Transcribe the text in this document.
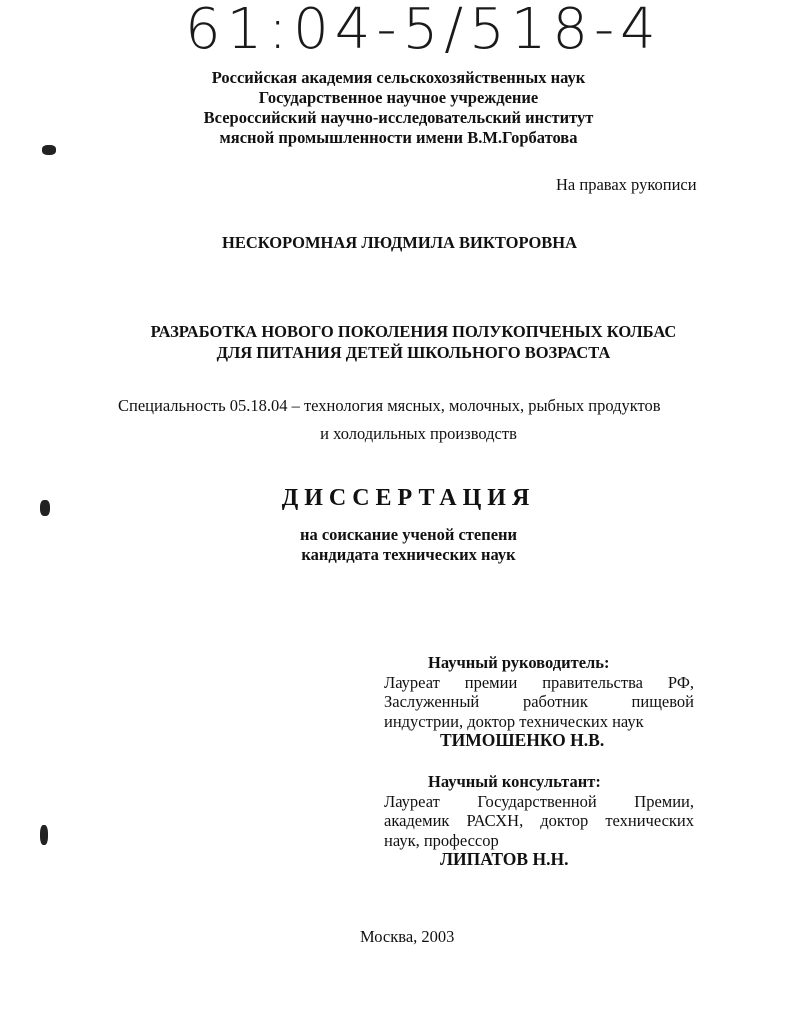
61:04-5/518-4
Российская академия сельскохозяйственных наук
Государственное научное учреждение
Всероссийский научно-исследовательский институт
мясной промышленности имени В.М.Горбатова
На правах рукописи
НЕСКОРОМНАЯ ЛЮДМИЛА ВИКТОРОВНА
РАЗРАБОТКА НОВОГО ПОКОЛЕНИЯ ПОЛУКОПЧЕНЫХ КОЛБАС
ДЛЯ ПИТАНИЯ ДЕТЕЙ ШКОЛЬНОГО ВОЗРАСТА
Специальность 05.18.04 – технология мясных, молочных, рыбных продуктов
и холодильных производств
ДИССЕРТАЦИЯ
на соискание ученой степени
кандидата технических наук
Научный руководитель:
Лауреат премии правительства РФ,
Заслуженный работник пищевой
индустрии, доктор технических наук
ТИМОШЕНКО Н.В.
Научный консультант:
Лауреат Государственной Премии,
академик РАСХН, доктор технических
наук, профессор
ЛИПАТОВ Н.Н.
Москва, 2003
